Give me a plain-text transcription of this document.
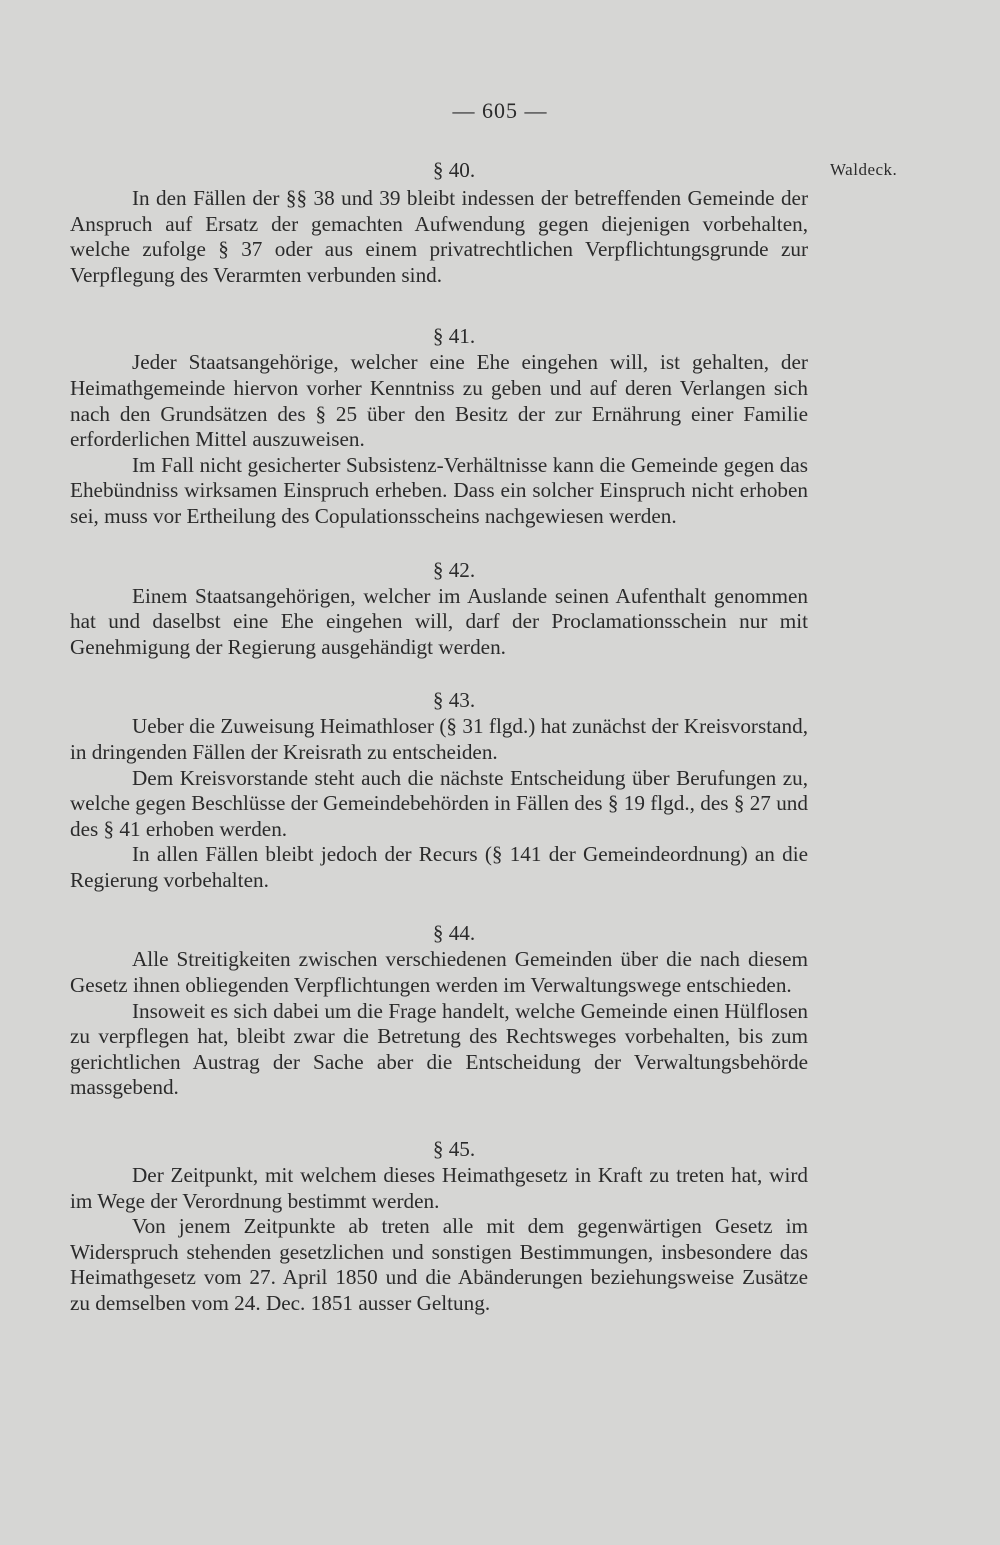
— 605 —
Waldeck.

§ 40.

In den Fällen der §§ 38 und 39 bleibt indessen der betreffenden Gemeinde der Anspruch auf Ersatz der gemachten Aufwendung gegen diejenigen vorbehalten, welche zufolge § 37 oder aus einem privatrechtlichen Verpflichtungsgrunde zur Verpflegung des Verarmten verbunden sind.

§ 41.

Jeder Staatsangehörige, welcher eine Ehe eingehen will, ist gehalten, der Heimathgemeinde hiervon vorher Kenntniss zu geben und auf deren Verlangen sich nach den Grundsätzen des § 25 über den Besitz der zur Ernährung einer Familie erforderlichen Mittel auszuweisen.

Im Fall nicht gesicherter Subsistenz-Verhältnisse kann die Gemeinde gegen das Ehebündniss wirksamen Einspruch erheben. Dass ein solcher Einspruch nicht erhoben sei, muss vor Ertheilung des Copulationsscheins nachgewiesen werden.

§ 42.

Einem Staatsangehörigen, welcher im Auslande seinen Aufenthalt genommen hat und daselbst eine Ehe eingehen will, darf der Proclamationsschein nur mit Genehmigung der Regierung ausgehändigt werden.

§ 43.

Ueber die Zuweisung Heimathloser (§ 31 flgd.) hat zunächst der Kreisvorstand, in dringenden Fällen der Kreisrath zu entscheiden.

Dem Kreisvorstande steht auch die nächste Entscheidung über Berufungen zu, welche gegen Beschlüsse der Gemeindebehörden in Fällen des § 19 flgd., des § 27 und des § 41 erhoben werden.

In allen Fällen bleibt jedoch der Recurs (§ 141 der Gemeindeordnung) an die Regierung vorbehalten.

§ 44.

Alle Streitigkeiten zwischen verschiedenen Gemeinden über die nach diesem Gesetz ihnen obliegenden Verpflichtungen werden im Verwaltungswege entschieden.

Insoweit es sich dabei um die Frage handelt, welche Gemeinde einen Hülflosen zu verpflegen hat, bleibt zwar die Betretung des Rechtsweges vorbehalten, bis zum gerichtlichen Austrag der Sache aber die Entscheidung der Verwaltungsbehörde massgebend.

§ 45.

Der Zeitpunkt, mit welchem dieses Heimathgesetz in Kraft zu treten hat, wird im Wege der Verordnung bestimmt werden.

Von jenem Zeitpunkte ab treten alle mit dem gegenwärtigen Gesetz im Widerspruch stehenden gesetzlichen und sonstigen Bestimmungen, insbesondere das Heimathgesetz vom 27. April 1850 und die Abänderungen beziehungsweise Zusätze zu demselben vom 24. Dec. 1851 ausser Geltung.
